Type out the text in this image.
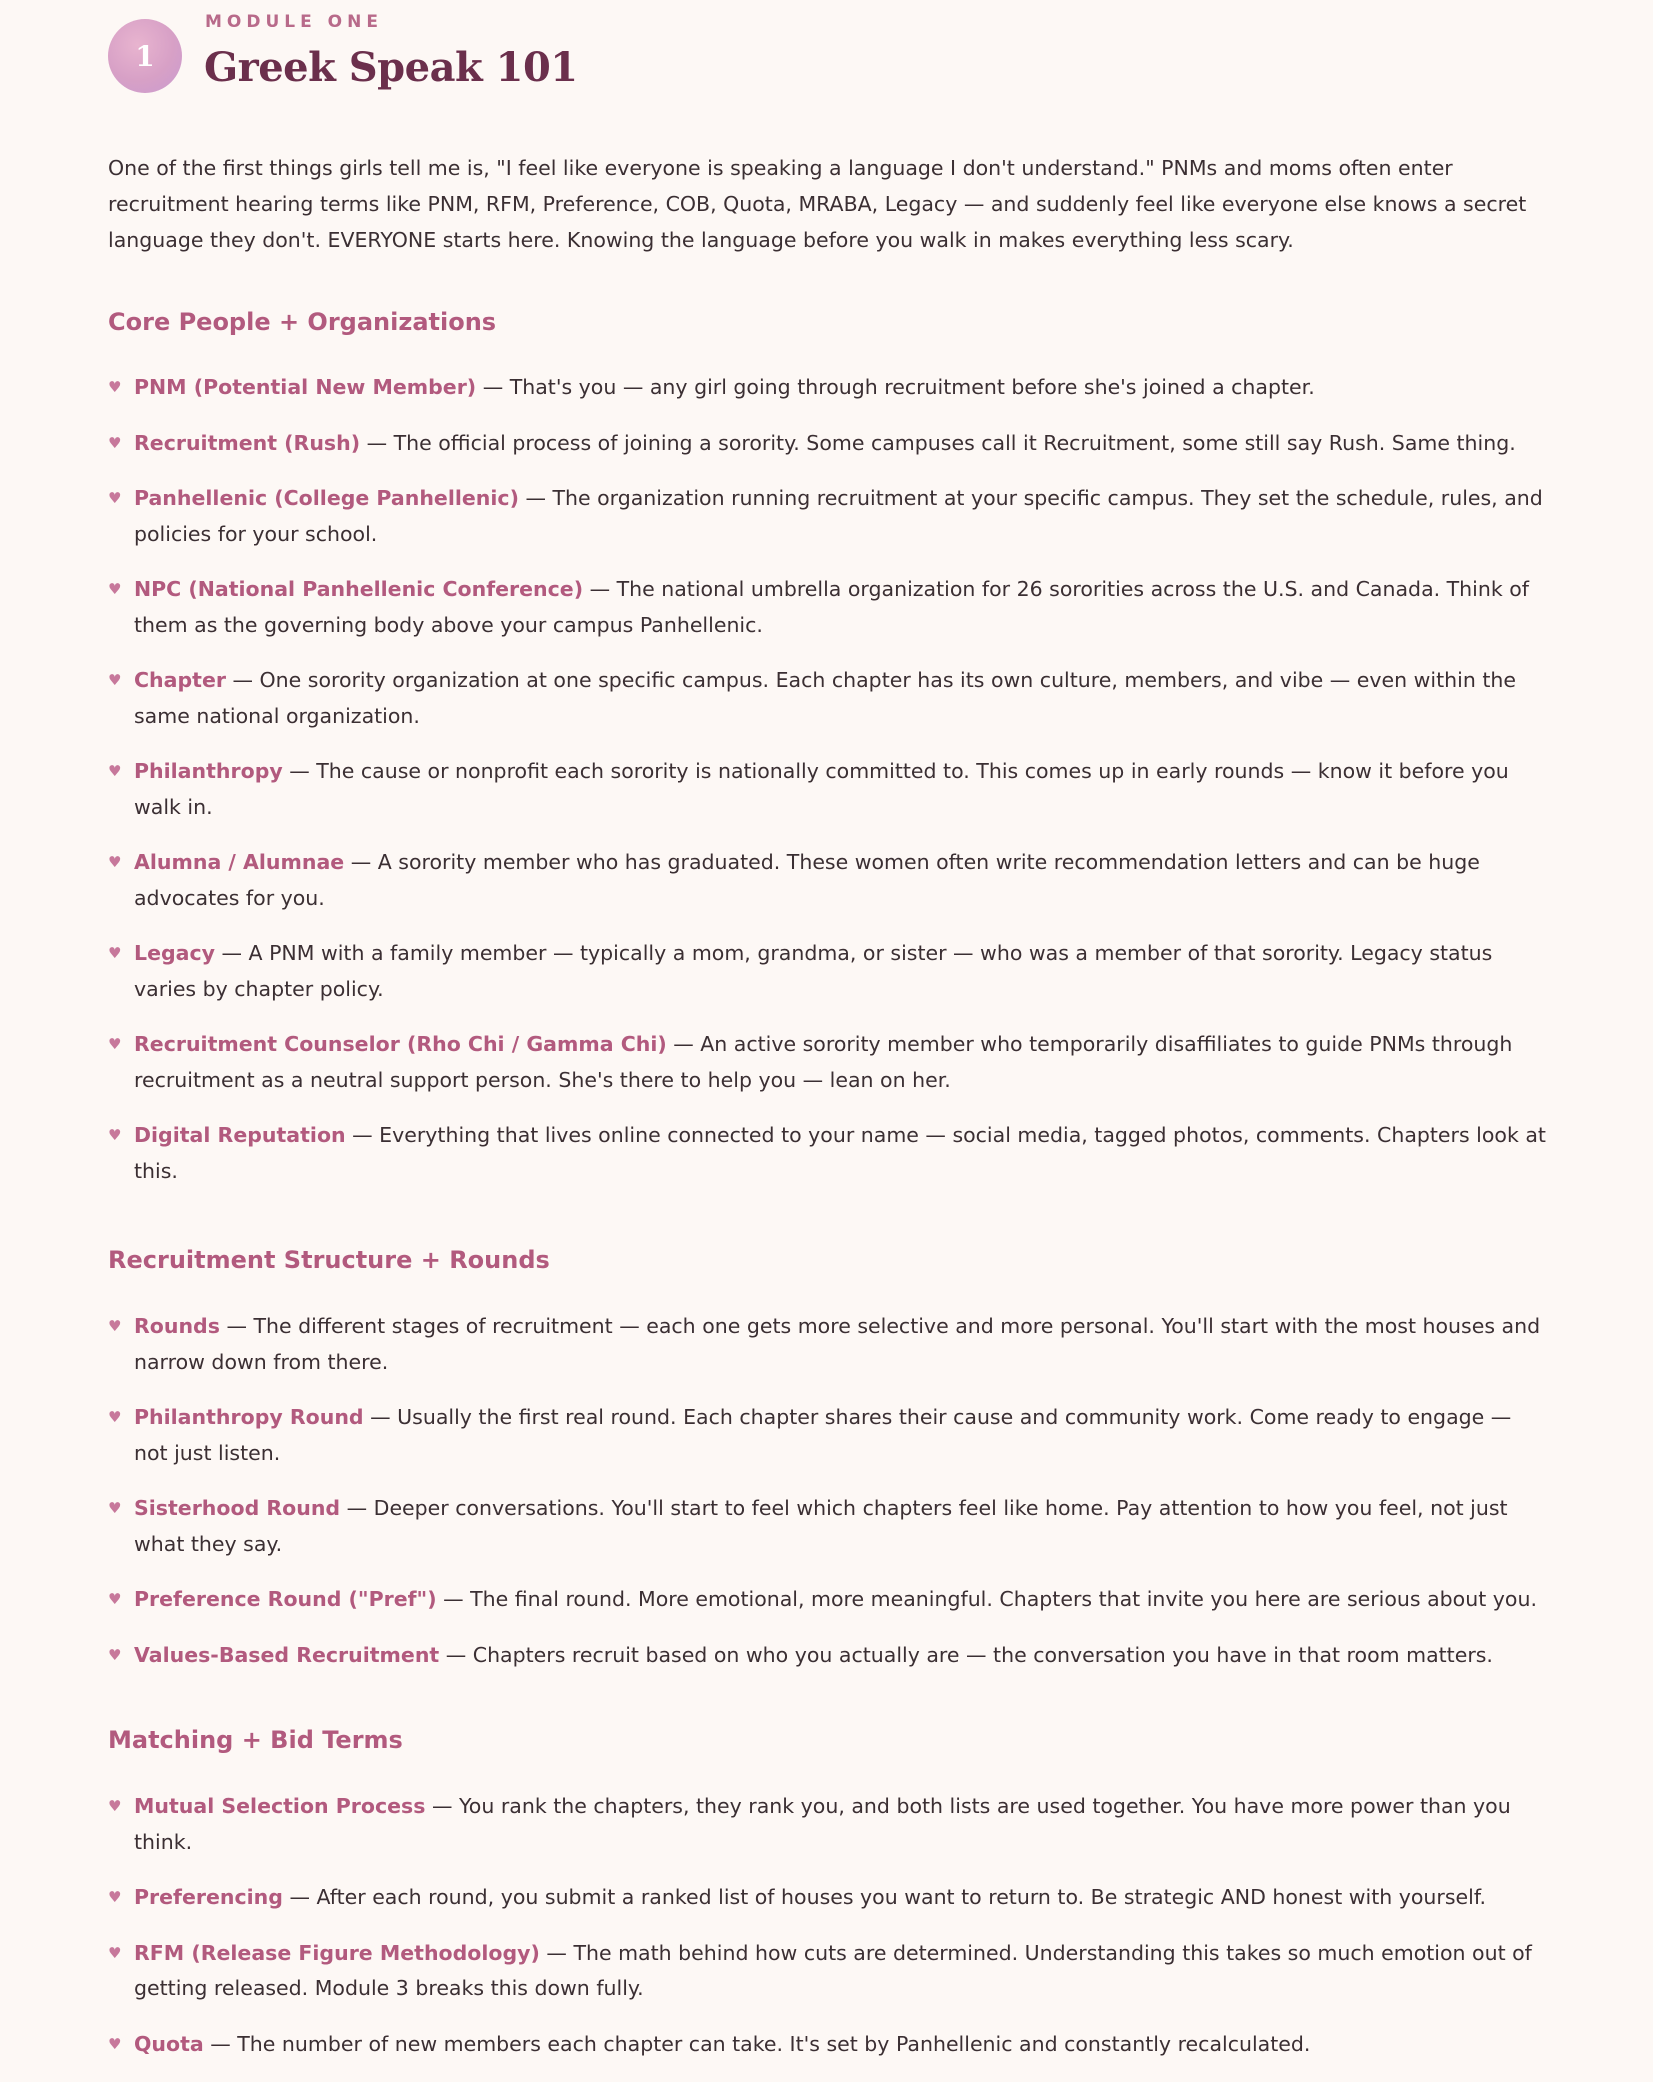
1
MODULE ONE
Greek Speak 101

One of the first things girls tell me is, "I feel like everyone is speaking a language I don't understand." PNMs and moms often enter recruitment hearing terms like PNM, RFM, Preference, COB, Quota, MRABA, Legacy — and suddenly feel like everyone else knows a secret language they don't. EVERYONE starts here. Knowing the language before you walk in makes everything less scary.

Core People + Organizations
♥ PNM (Potential New Member) — That's you — any girl going through recruitment before she's joined a chapter.
♥ Recruitment (Rush) — The official process of joining a sorority. Some campuses call it Recruitment, some still say Rush. Same thing.
♥ Panhellenic (College Panhellenic) — The organization running recruitment at your specific campus. They set the schedule, rules, and policies for your school.
♥ NPC (National Panhellenic Conference) — The national umbrella organization for 26 sororities across the U.S. and Canada. Think of them as the governing body above your campus Panhellenic.
♥ Chapter — One sorority organization at one specific campus. Each chapter has its own culture, members, and vibe — even within the same national organization.
♥ Philanthropy — The cause or nonprofit each sorority is nationally committed to. This comes up in early rounds — know it before you walk in.
♥ Alumna / Alumnae — A sorority member who has graduated. These women often write recommendation letters and can be huge advocates for you.
♥ Legacy — A PNM with a family member — typically a mom, grandma, or sister — who was a member of that sorority. Legacy status varies by chapter policy.
♥ Recruitment Counselor (Rho Chi / Gamma Chi) — An active sorority member who temporarily disaffiliates to guide PNMs through recruitment as a neutral support person. She's there to help you — lean on her.
♥ Digital Reputation — Everything that lives online connected to your name — social media, tagged photos, comments. Chapters look at this.
Recruitment Structure + Rounds
♥ Rounds — The different stages of recruitment — each one gets more selective and more personal. You'll start with the most houses and narrow down from there.
♥ Philanthropy Round — Usually the first real round. Each chapter shares their cause and community work. Come ready to engage — not just listen.
♥ Sisterhood Round — Deeper conversations. You'll start to feel which chapters feel like home. Pay attention to how you feel, not just what they say.
♥ Preference Round ("Pref") — The final round. More emotional, more meaningful. Chapters that invite you here are serious about you.
♥ Values-Based Recruitment — Chapters recruit based on who you actually are — the conversation you have in that room matters.
Matching + Bid Terms
♥ Mutual Selection Process — You rank the chapters, they rank you, and both lists are used together. You have more power than you think.
♥ Preferencing — After each round, you submit a ranked list of houses you want to return to. Be strategic AND honest with yourself.
♥ RFM (Release Figure Methodology) — The math behind how cuts are determined. Understanding this takes so much emotion out of getting released. Module 3 breaks this down fully.
♥ Quota — The number of new members each chapter can take. It's set by Panhellenic and constantly recalculated.
